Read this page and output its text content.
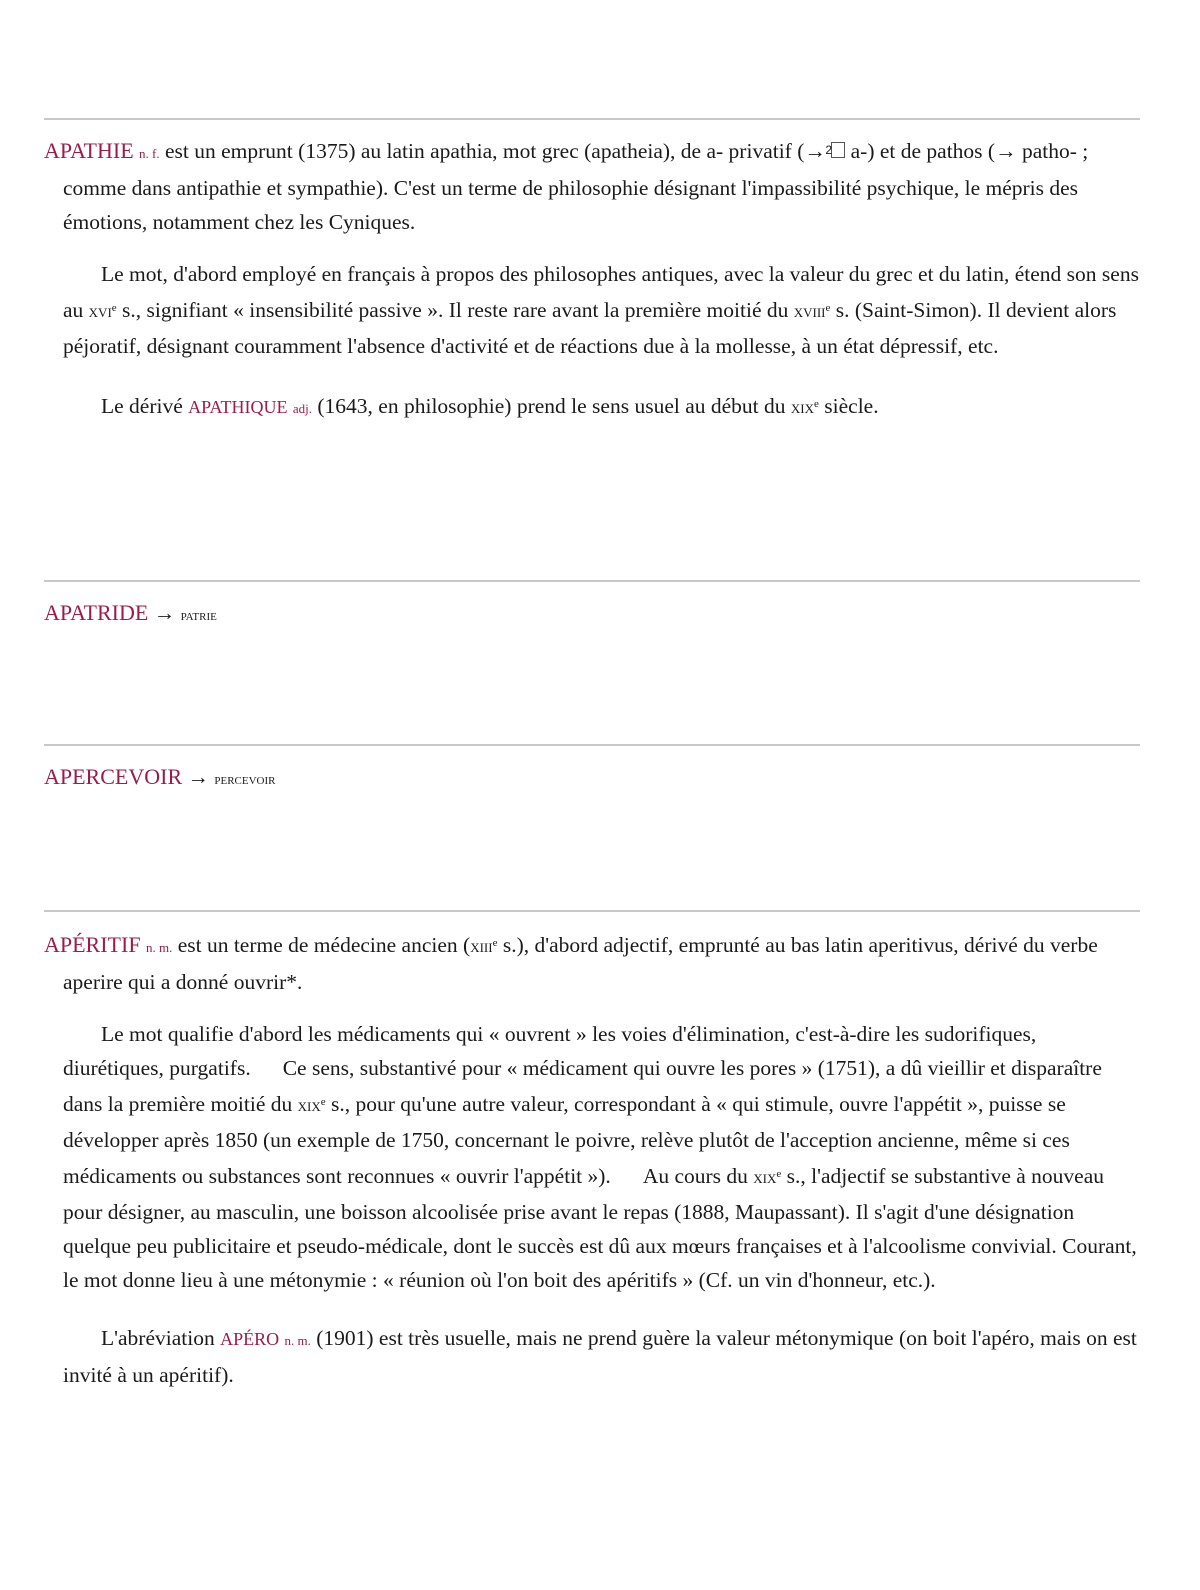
APATHIE n. f. est un emprunt (1375) au latin apathia, mot grec (apatheia), de a- privatif (→ 2 a-) et de pathos (→ patho- ; comme dans antipathie et sympathie). C'est un terme de philosophie désignant l'impassibilité psychique, le mépris des émotions, notamment chez les Cyniques.

Le mot, d'abord employé en français à propos des philosophes antiques, avec la valeur du grec et du latin, étend son sens au xvi$^e$ s., signifiant « insensibilité passive ». Il reste rare avant la première moitié du xviii$^e$ s. (Saint-Simon). Il devient alors péjoratif, désignant couramment l'absence d'activité et de réactions due à la mollesse, à un état dépressif, etc.

Le dérivé APATHIQUE adj. (1643, en philosophie) prend le sens usuel au début du xix$^e$ siècle.

APATRIDE → patrie

APERCEVOIR → percevoir

APÉRITIF n. m. est un terme de médecine ancien (xiii$^e$ s.), d'abord adjectif, emprunté au bas latin aperitivus, dérivé du verbe aperire qui a donné ouvrir*.

Le mot qualifie d'abord les médicaments qui « ouvrent » les voies d'élimination, c'est-à-dire les sudorifiques, diurétiques, purgatifs. Ce sens, substantivé pour « médicament qui ouvre les pores » (1751), a dû vieillir et disparaître dans la première moitié du xix$^e$ s., pour qu'une autre valeur, correspondant à « qui stimule, ouvre l'appétit », puisse se développer après 1850 (un exemple de 1750, concernant le poivre, relève plutôt de l'acception ancienne, même si ces médicaments ou substances sont reconnues « ouvrir l'appétit »). Au cours du xix$^e$ s., l'adjectif se substantive à nouveau pour désigner, au masculin, une boisson alcoolisée prise avant le repas (1888, Maupassant). Il s'agit d'une désignation quelque peu publicitaire et pseudo-médicale, dont le succès est dû aux mœurs françaises et à l'alcoolisme convivial. Courant, le mot donne lieu à une métonymie : « réunion où l'on boit des apéritifs » (Cf. un vin d'honneur, etc.).

L'abréviation APÉRO n. m. (1901) est très usuelle, mais ne prend guère la valeur métonymique (on boit l'apéro, mais on est invité à un apéritif).
